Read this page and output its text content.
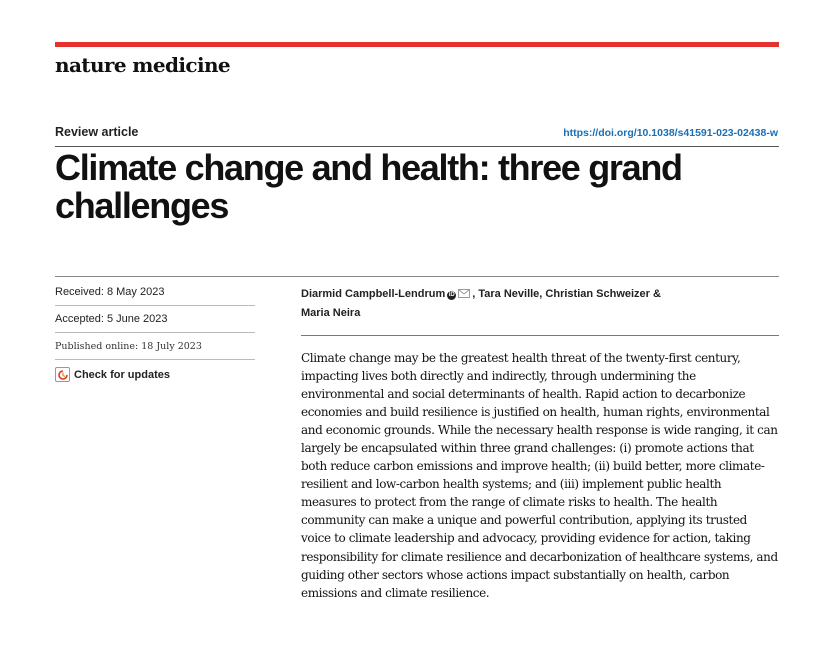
nature medicine
Review article	https://doi.org/10.1038/s41591-023-02438-w
Climate change and health: three grand challenges
Received: 8 May 2023
Accepted: 5 June 2023
Published online: 18 July 2023
Check for updates
Diarmid Campbell-Lendrum iD , Tara Neville, Christian Schweizer &
Maria Neira

Climate change may be the greatest health threat of the twenty-first century, impacting lives both directly and indirectly, through undermining the environmental and social determinants of health. Rapid action to decarbonize economies and build resilience is justified on health, human rights, environmental and economic grounds. While the necessary health response is wide ranging, it can largely be encapsulated within three grand challenges: (i) promote actions that both reduce carbon emissions and improve health; (ii) build better, more climate-resilient and low-carbon health systems; and (iii) implement public health measures to protect from the range of climate risks to health. The health community can make a unique and powerful contribution, applying its trusted voice to climate leadership and advocacy, providing evidence for action, taking responsibility for climate resilience and decarbonization of healthcare systems, and guiding other sectors whose actions impact substantially on health, carbon emissions and climate resilience.
